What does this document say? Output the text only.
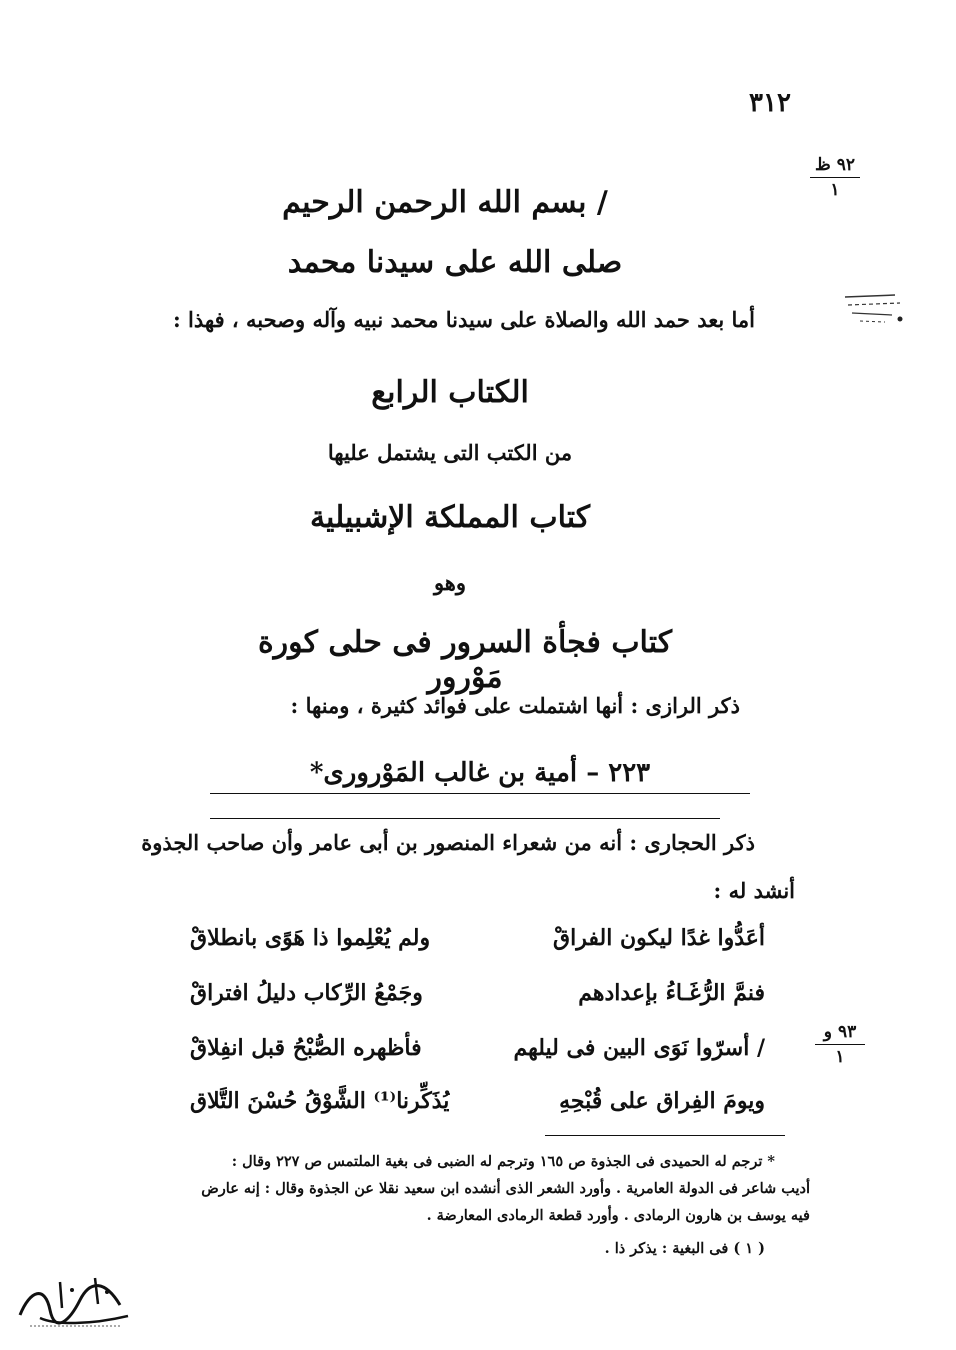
٣١٢
٩٢ ظ
١
/ بسم الله الرحمن الرحيم
صلى الله على سيدنا محمد
أما بعد حمد الله والصلاة على سيدنا محمد نبيه وآله وصحبه ، فهذا :
الكتاب الرابع
من الكتب التى يشتمل عليها
كتاب المملكة الإشبيلية
وهو
كتاب فجأة السرور فى حلى كورة مَوْرور
ذكر الرازى : أنها اشتملت على فوائد كثيرة ، ومنها :
٢٢٣ – أمية بن غالب المَوْرورى*
ذكر الحجارى : أنه من شعراء المنصور بن أبى عامر وأن صاحب الجذوة
أنشد له :
أعَدُّوا غدًا ليكون الفراقْ
ولم يُعْلِموا ذا هَوًى بانطلاقْ
فنمَّ الرُّغَـاءُ بإعدادهم
وجَمْعُ الرِّكاب دليلُ افتراقْ
/ أسرّوا نَوَى البين فى ليلهم
فأظهره الصُّبْحُ قبل انفِلاقْ
ويومَ الفِراق على قُبْحِهِ
يُذَكِّرنا⁽¹⁾ الشَّوْقُ حُسْنَ التَّلاق
٩٣ و
١
* ترجم له الحميدى فى الجذوة ص ١٦٥ وترجم له الضبى فى بغية الملتمس ص ٢٢٧ وقال :
أديب شاعر فى الدولة العامرية . وأورد الشعر الذى أنشده ابن سعيد نقلا عن الجذوة وقال : إنه عارض
فيه يوسف بن هارون الرمادى . وأورد قطعة الرمادى المعارضة .
( ١ ) فى البغية : يذكر ذا .
